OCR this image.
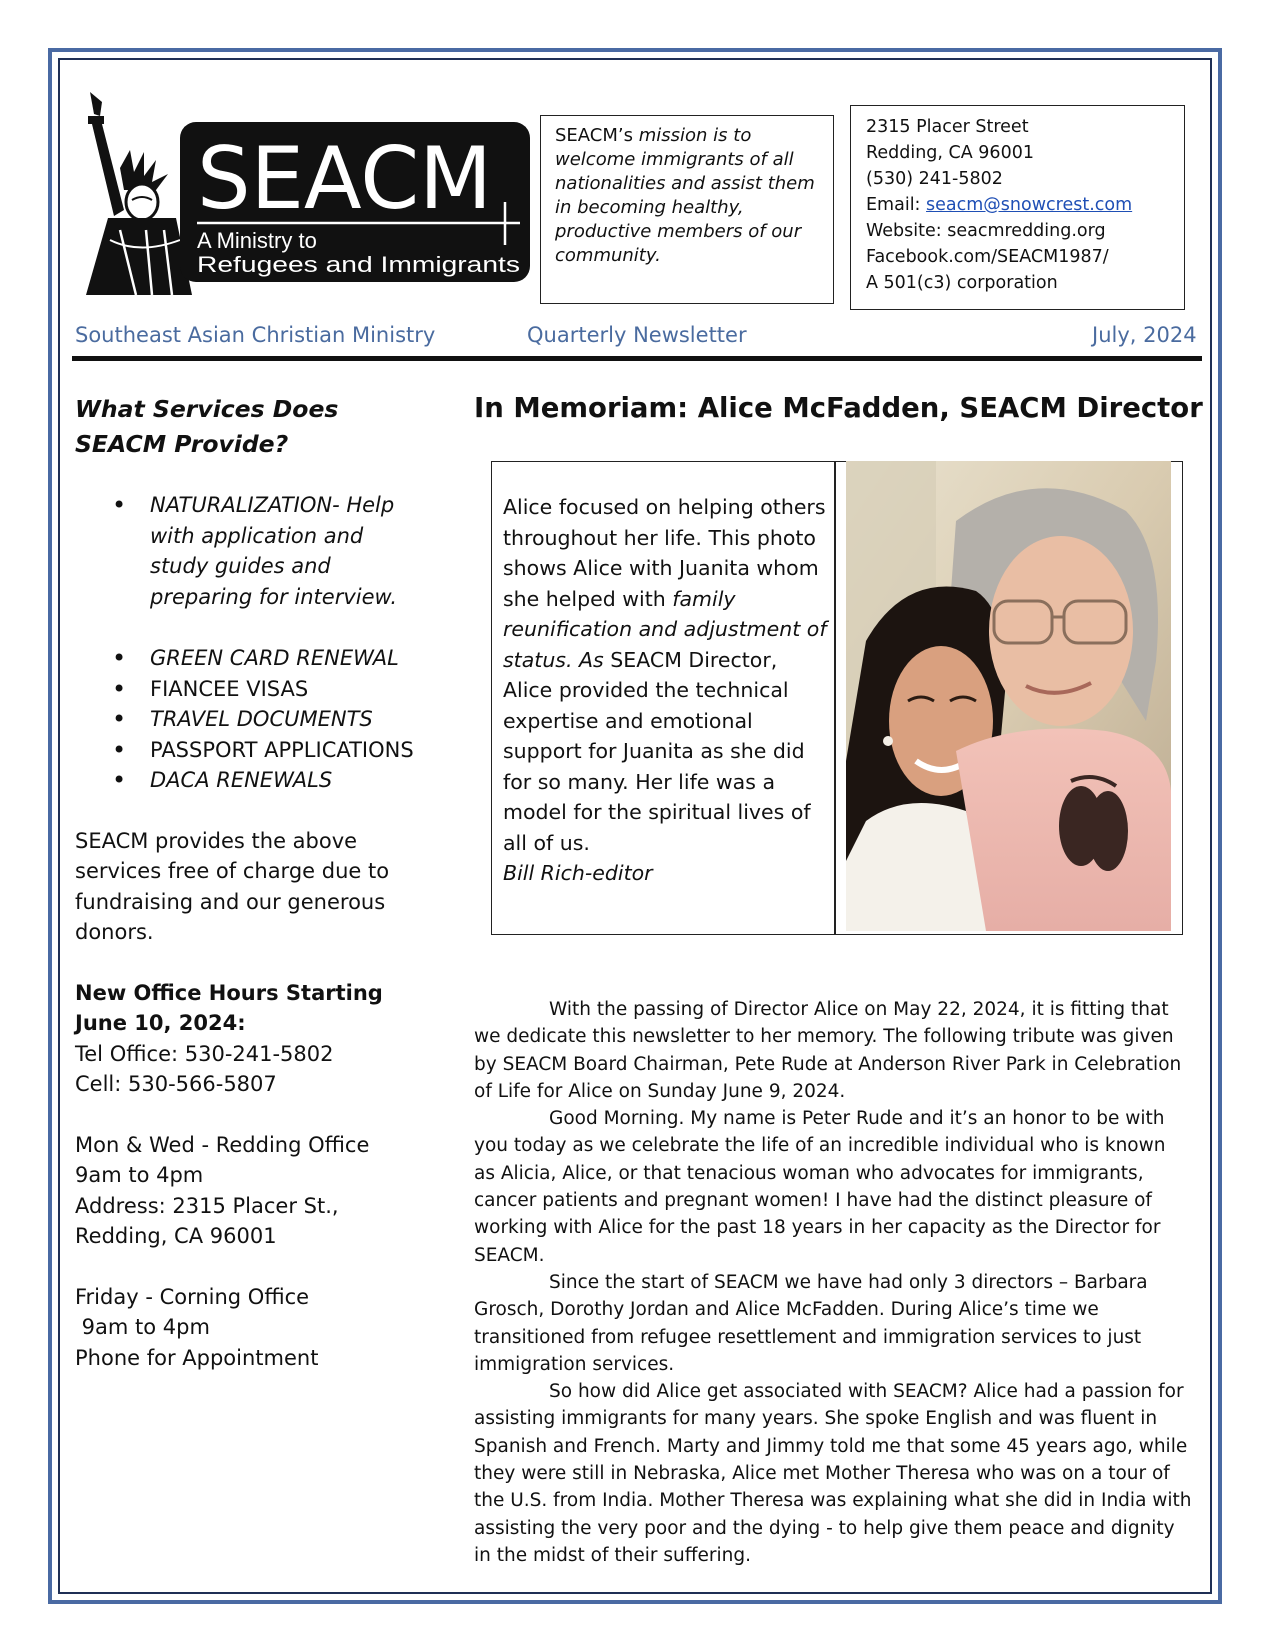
SEACM
A Ministry to
Refugees and Immigrants
SEACM’s mission is to welcome immigrants of all nationalities and assist them in becoming healthy, productive members of our community.
2315 Placer Street
Redding, CA 96001
(530) 241-5802
Email: seacm@snowcrest.com
Website: seacmredding.org
Facebook.com/SEACM1987/
A 501(c3) corporation
Southeast Asian Christian Ministry	Quarterly Newsletter	July, 2024
What Services Does
SEACM Provide?
• NATURALIZATION- Help with application and study guides and preparing for interview.
• GREEN CARD RENEWAL
• FIANCEE VISAS
• TRAVEL DOCUMENTS
• PASSPORT APPLICATIONS
• DACA RENEWALS

SEACM provides the above services free of charge due to fundraising and our generous donors.

New Office Hours Starting June 10, 2024:

Tel Office: 530-241-5802
Cell: 530-566-5807
Mon & Wed - Redding Office
9am to 4pm
Address: 2315 Placer St.,
Redding, CA 96001
Friday - Corning Office
9am to 4pm
Phone for Appointment
In Memoriam: Alice McFadden, SEACM Director
Alice focused on helping others throughout her life. This photo shows Alice with Juanita whom she helped with family reunification and adjustment of status. As SEACM Director, Alice provided the technical expertise and emotional support for Juanita as she did for so many. Her life was a model for the spiritual lives of all of us.
Bill Rich-editor

With the passing of Director Alice on May 22, 2024, it is fitting that we dedicate this newsletter to her memory. The following tribute was given by SEACM Board Chairman, Pete Rude at Anderson River Park in Celebration of Life for Alice on Sunday June 9, 2024.

Good Morning. My name is Peter Rude and it’s an honor to be with you today as we celebrate the life of an incredible individual who is known as Alicia, Alice, or that tenacious woman who advocates for immigrants, cancer patients and pregnant women! I have had the distinct pleasure of working with Alice for the past 18 years in her capacity as the Director for SEACM.

Since the start of SEACM we have had only 3 directors – Barbara Grosch, Dorothy Jordan and Alice McFadden. During Alice’s time we transitioned from refugee resettlement and immigration services to just immigration services.

So how did Alice get associated with SEACM? Alice had a passion for assisting immigrants for many years. She spoke English and was fluent in Spanish and French. Marty and Jimmy told me that some 45 years ago, while they were still in Nebraska, Alice met Mother Theresa who was on a tour of the U.S. from India. Mother Theresa was explaining what she did in India with assisting the very poor and the dying - to help give them peace and dignity in the midst of their suffering.
